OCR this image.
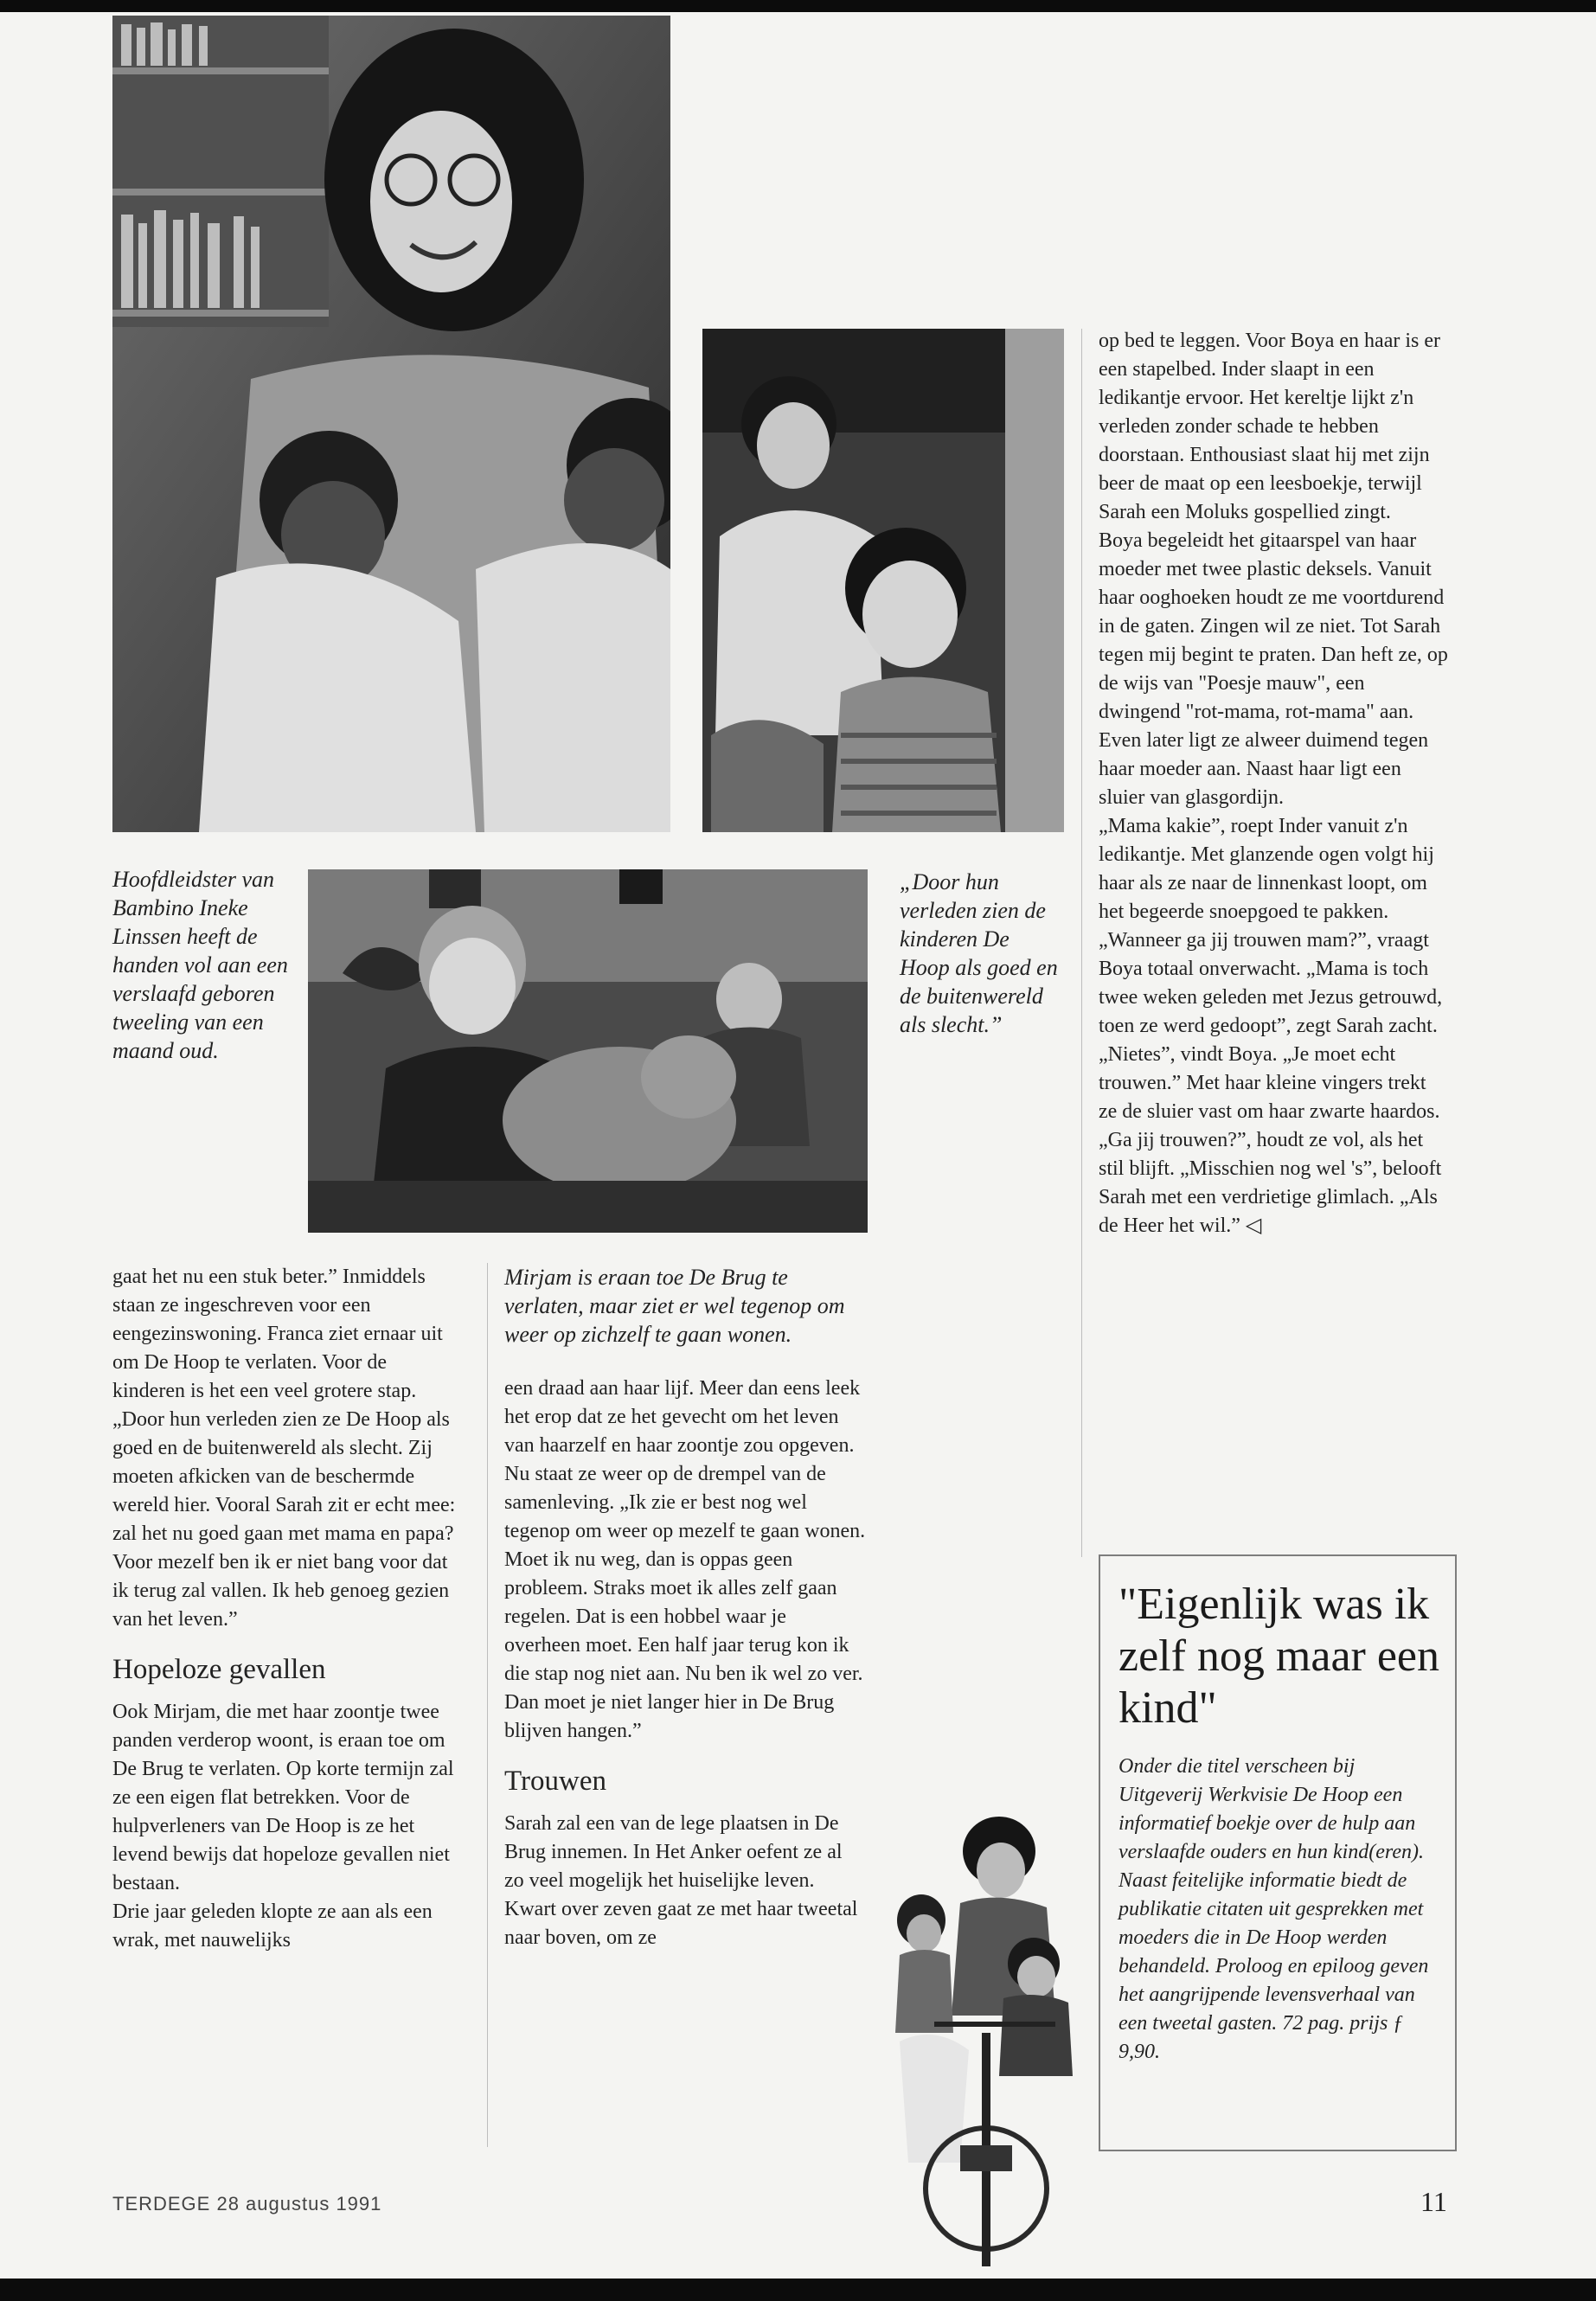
Hoofdleidster van Bambino Ineke Linssen heeft de handen vol aan een verslaafd geboren tweeling van een maand oud.
„Door hun verleden zien de kinderen De Hoop als goed en de buitenwereld als slecht.”

gaat het nu een stuk beter.” Inmiddels staan ze ingeschreven voor een eengezinswoning. Franca ziet ernaar uit om De Hoop te verlaten. Voor de kinderen is het een veel grotere stap. „Door hun verleden zien ze De Hoop als goed en de buitenwereld als slecht. Zij moeten afkicken van de beschermde wereld hier. Vooral Sarah zit er echt mee: zal het nu goed gaan met mama en papa? Voor mezelf ben ik er niet bang voor dat ik terug zal vallen. Ik heb genoeg gezien van het leven.”

Hopeloze gevallen

Ook Mirjam, die met haar zoontje twee panden verderop woont, is eraan toe om De Brug te verlaten. Op korte termijn zal ze een eigen flat betrekken. Voor de hulpverleners van De Hoop is ze het levend bewijs dat hopeloze gevallen niet bestaan.

Drie jaar geleden klopte ze aan als een wrak, met nauwelijks

Mirjam is eraan toe De Brug te verlaten, maar ziet er wel tegenop om weer op zichzelf te gaan wonen.

een draad aan haar lijf. Meer dan eens leek het erop dat ze het gevecht om het leven van haarzelf en haar zoontje zou opgeven. Nu staat ze weer op de drempel van de samenleving. „Ik zie er best nog wel tegenop om weer op mezelf te gaan wonen. Moet ik nu weg, dan is oppas geen probleem. Straks moet ik alles zelf gaan regelen. Dat is een hobbel waar je overheen moet. Een half jaar terug kon ik die stap nog niet aan. Nu ben ik wel zo ver. Dan moet je niet langer hier in De Brug blijven hangen.”

Trouwen

Sarah zal een van de lege plaatsen in De Brug innemen. In Het Anker oefent ze al zo veel mogelijk het huiselijke leven. Kwart over zeven gaat ze met haar tweetal naar boven, om ze

op bed te leggen. Voor Boya en haar is er een stapelbed. Inder slaapt in een ledikantje ervoor. Het kereltje lijkt z'n verleden zonder schade te hebben doorstaan. Enthousiast slaat hij met zijn beer de maat op een leesboekje, terwijl Sarah een Moluks gospellied zingt.

Boya begeleidt het gitaarspel van haar moeder met twee plastic deksels. Vanuit haar ooghoeken houdt ze me voortdurend in de gaten. Zingen wil ze niet. Tot Sarah tegen mij begint te praten. Dan heft ze, op de wijs van "Poesje mauw", een dwingend "rot-mama, rot-mama" aan. Even later ligt ze alweer duimend tegen haar moeder aan. Naast haar ligt een sluier van glasgordijn.

„Mama kakie”, roept Inder vanuit z'n ledikantje. Met glanzende ogen volgt hij haar als ze naar de linnenkast loopt, om het begeerde snoepgoed te pakken. „Wanneer ga jij trouwen mam?”, vraagt Boya totaal onverwacht. „Mama is toch twee weken geleden met Jezus getrouwd, toen ze werd gedoopt”, zegt Sarah zacht. „Nietes”, vindt Boya. „Je moet echt trouwen.” Met haar kleine vingers trekt ze de sluier vast om haar zwarte haardos. „Ga jij trouwen?”, houdt ze vol, als het stil blijft. „Misschien nog wel 's”, belooft Sarah met een verdrietige glimlach. „Als de Heer het wil.” ◁

"Eigenlijk was ik zelf nog maar een kind"
Onder die titel verscheen bij Uitgeverij Werkvisie De Hoop een informatief boekje over de hulp aan verslaafde ouders en hun kind(eren). Naast feitelijke informatie biedt de publikatie citaten uit gesprekken met moeders die in De Hoop werden behandeld. Proloog en epiloog geven het aangrijpende levensverhaal van een tweetal gasten. 72 pag. prijs ƒ 9,90.
TERDEGE 28 augustus 1991	11
